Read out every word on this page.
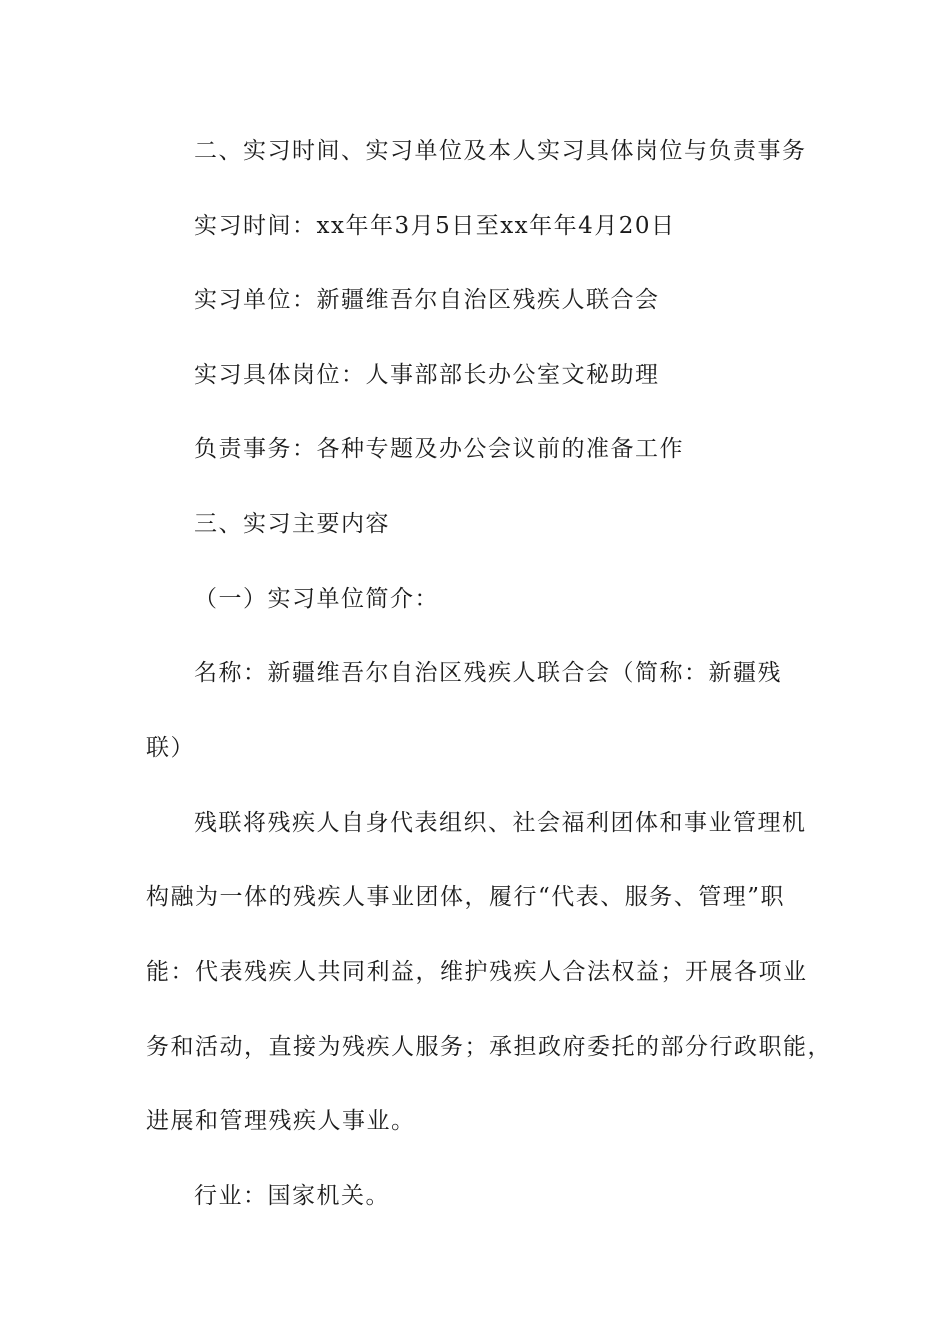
二、实习时间、实习单位及本人实习具体岗位与负责事务
实习时间：xx年年3月5日至xx年年4月20日
实习单位：新疆维吾尔自治区残疾人联合会
实习具体岗位：人事部部长办公室文秘助理
负责事务：各种专题及办公会议前的准备工作
三、实习主要内容
（一）实习单位简介：
名称：新疆维吾尔自治区残疾人联合会（简称：新疆残
联）
残联将残疾人自身代表组织、社会福利团体和事业管理机
构融为一体的残疾人事业团体，履行“代表、服务、管理”职
能：代表残疾人共同利益，维护残疾人合法权益；开展各项业
务和活动，直接为残疾人服务；承担政府委托的部分行政职能，
进展和管理残疾人事业。
行业：国家机关。
